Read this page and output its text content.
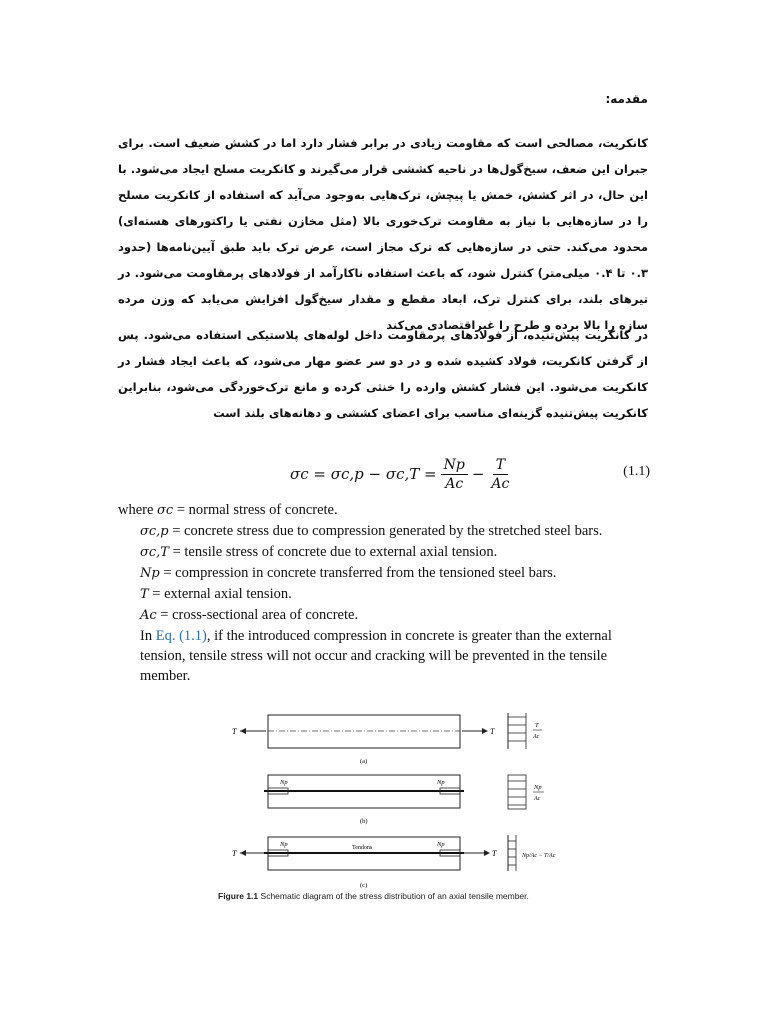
مقدمه:
کانکریت، مصالحی است که مقاومت زیادی در برابر فشار دارد اما در کشش ضعیف است. برای جبران این ضعف، سیخ‌گول‌ها در ناحیه کششی قرار می‌گیرند و کانکریت مسلح ایجاد می‌شود. با این حال، در اثر کشش، خمش یا پیچش، ترک‌هایی به‌وجود می‌آید که استفاده از کانکریت مسلح را در سازه‌هایی با نیاز به مقاومت ترک‌خوری بالا (مثل مخازن نفتی یا راکتورهای هسته‌ای) محدود می‌کند. حتی در سازه‌هایی که ترک مجاز است، عرض ترک باید طبق آیین‌نامه‌ها (حدود ۰.۳ تا ۰.۴ میلی‌متر) کنترل شود، که باعث استفاده ناکارآمد از فولادهای پرمقاومت می‌شود. در تیرهای بلند، برای کنترل ترک، ابعاد مقطع و مقدار سیخ‌گول افزایش می‌یابد که وزن مرده سازه را بالا برده و طرح را غیراقتصادی می‌کند
در کانکریت پیش‌تنیده، از فولادهای پرمقاومت داخل لوله‌های پلاستیکی استفاده می‌شود. پس از گرفتن کانکریت، فولاد کشیده شده و در دو سر عضو مهار می‌شود، که باعث ایجاد فشار در کانکریت می‌شود. این فشار کشش وارده را خنثی کرده و مانع ترک‌خوردگی می‌شود، بنابراین کانکریت پیش‌تنیده گزینه‌ای مناسب برای اعضای کششی و دهانه‌های بلند است
$\sigma c = \sigma c,p - \sigma c,T = \frac{Np}{Ac} - \frac{T}{Ac}$	(1.1)
where σc = normal stress of concrete.
σc,p = concrete stress due to compression generated by the stretched steel bars.
σc,T = tensile stress of concrete due to external axial tension.
Np = compression in concrete transferred from the tensioned steel bars.
T = external axial tension.
Ac = cross-sectional area of concrete.
In Eq. (1.1), if the introduced compression in concrete is greater than the external tension, tensile stress will not occur and cracking will be prevented in the tensile member.
T	T
(a)
T
Ac
Np	Np
(b)
Np
Ac
T	T
Np	Np
Tendons
(c)
Np/Ac − T/Ac
Figure 1.1 Schematic diagram of the stress distribution of an axial tensile member.
